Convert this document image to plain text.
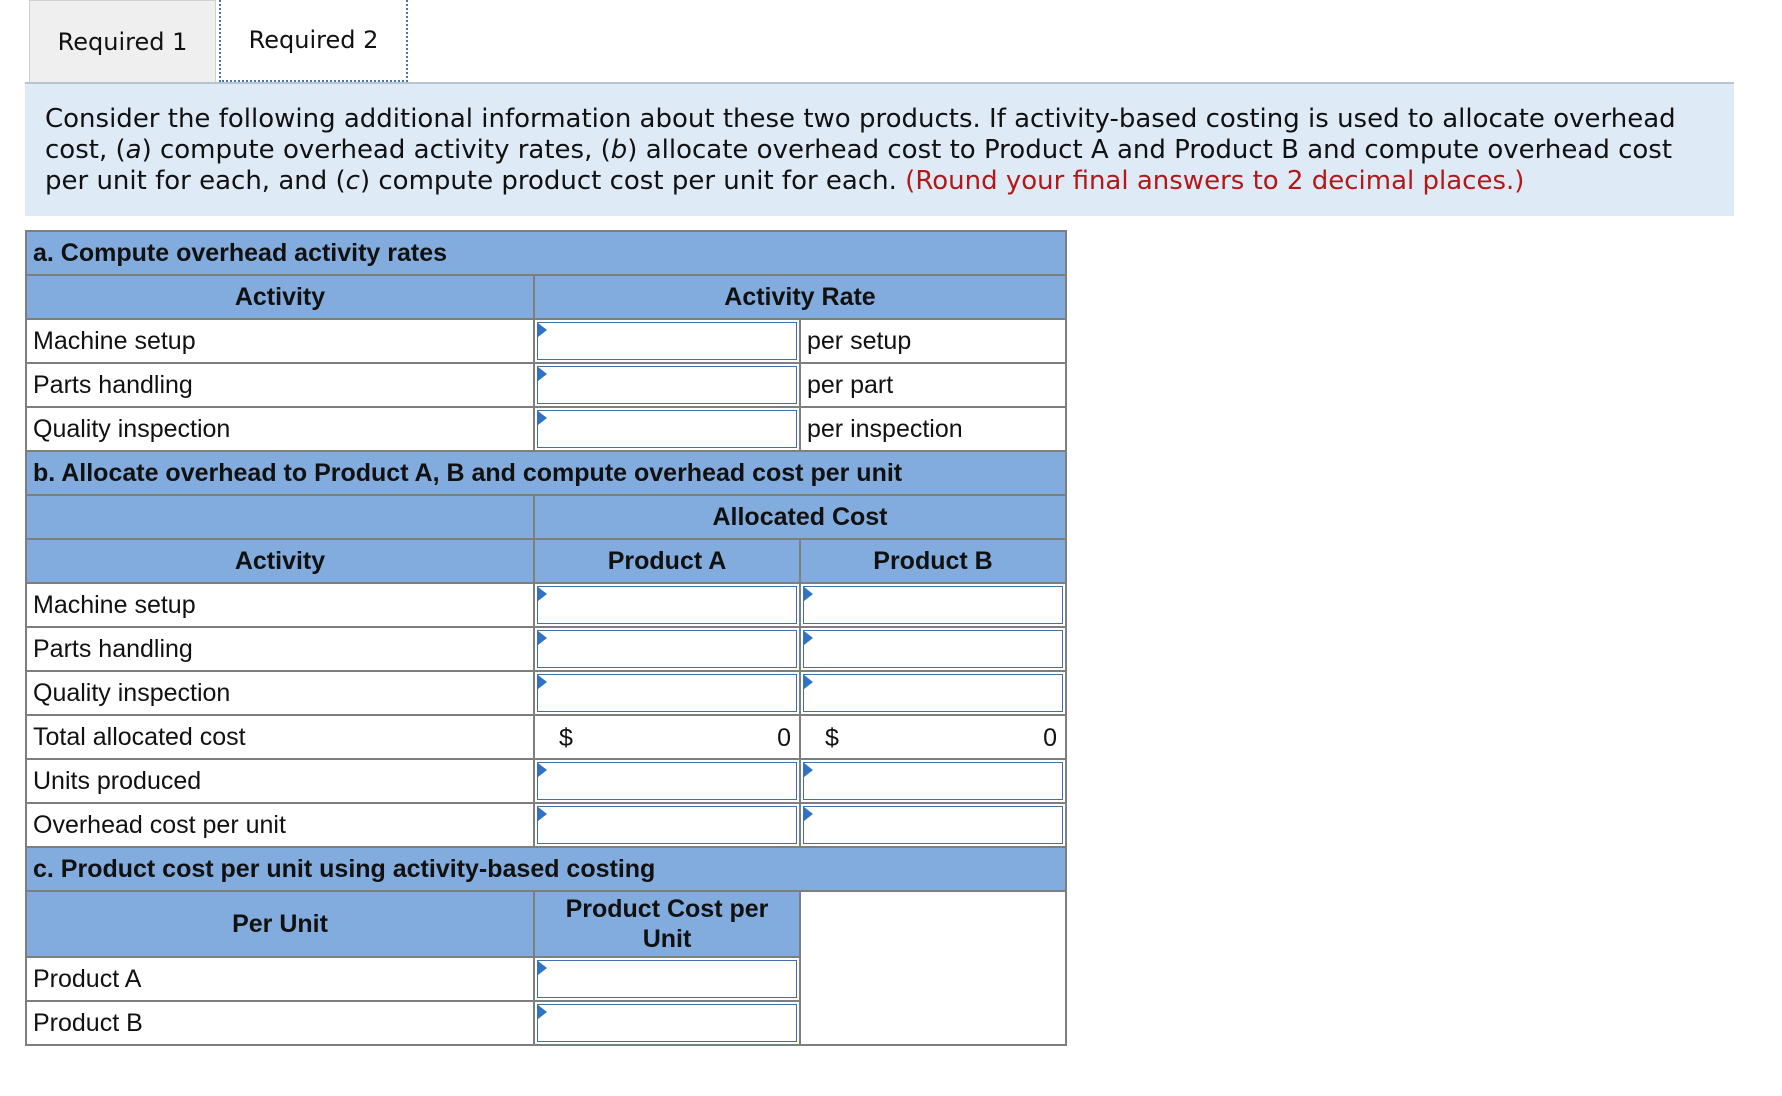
Required 1	Required 2
Consider the following additional information about these two products. If activity-based costing is used to allocate overhead cost, (a) compute overhead activity rates, (b) allocate overhead cost to Product A and Product B and compute overhead cost per unit for each, and (c) compute product cost per unit for each. (Round your final answers to 2 decimal places.)
a. Compute overhead activity rates		
Activity	Activity Rate	
Machine setup		per setup
Parts handling		per part
Quality inspection		per inspection
b. Allocate overhead to Product A, B and compute overhead cost per unit		
	Allocated Cost	
Activity	Product A	Product B
Machine setup	

Parts handling	

Quality inspection	

Total allocated cost	$ 0	$ 0

Units produced	

Overhead cost per unit	

c. Product cost per unit using activity-based costing		
Per Unit	Product Cost per
Unit	
Product A		

Product B		
